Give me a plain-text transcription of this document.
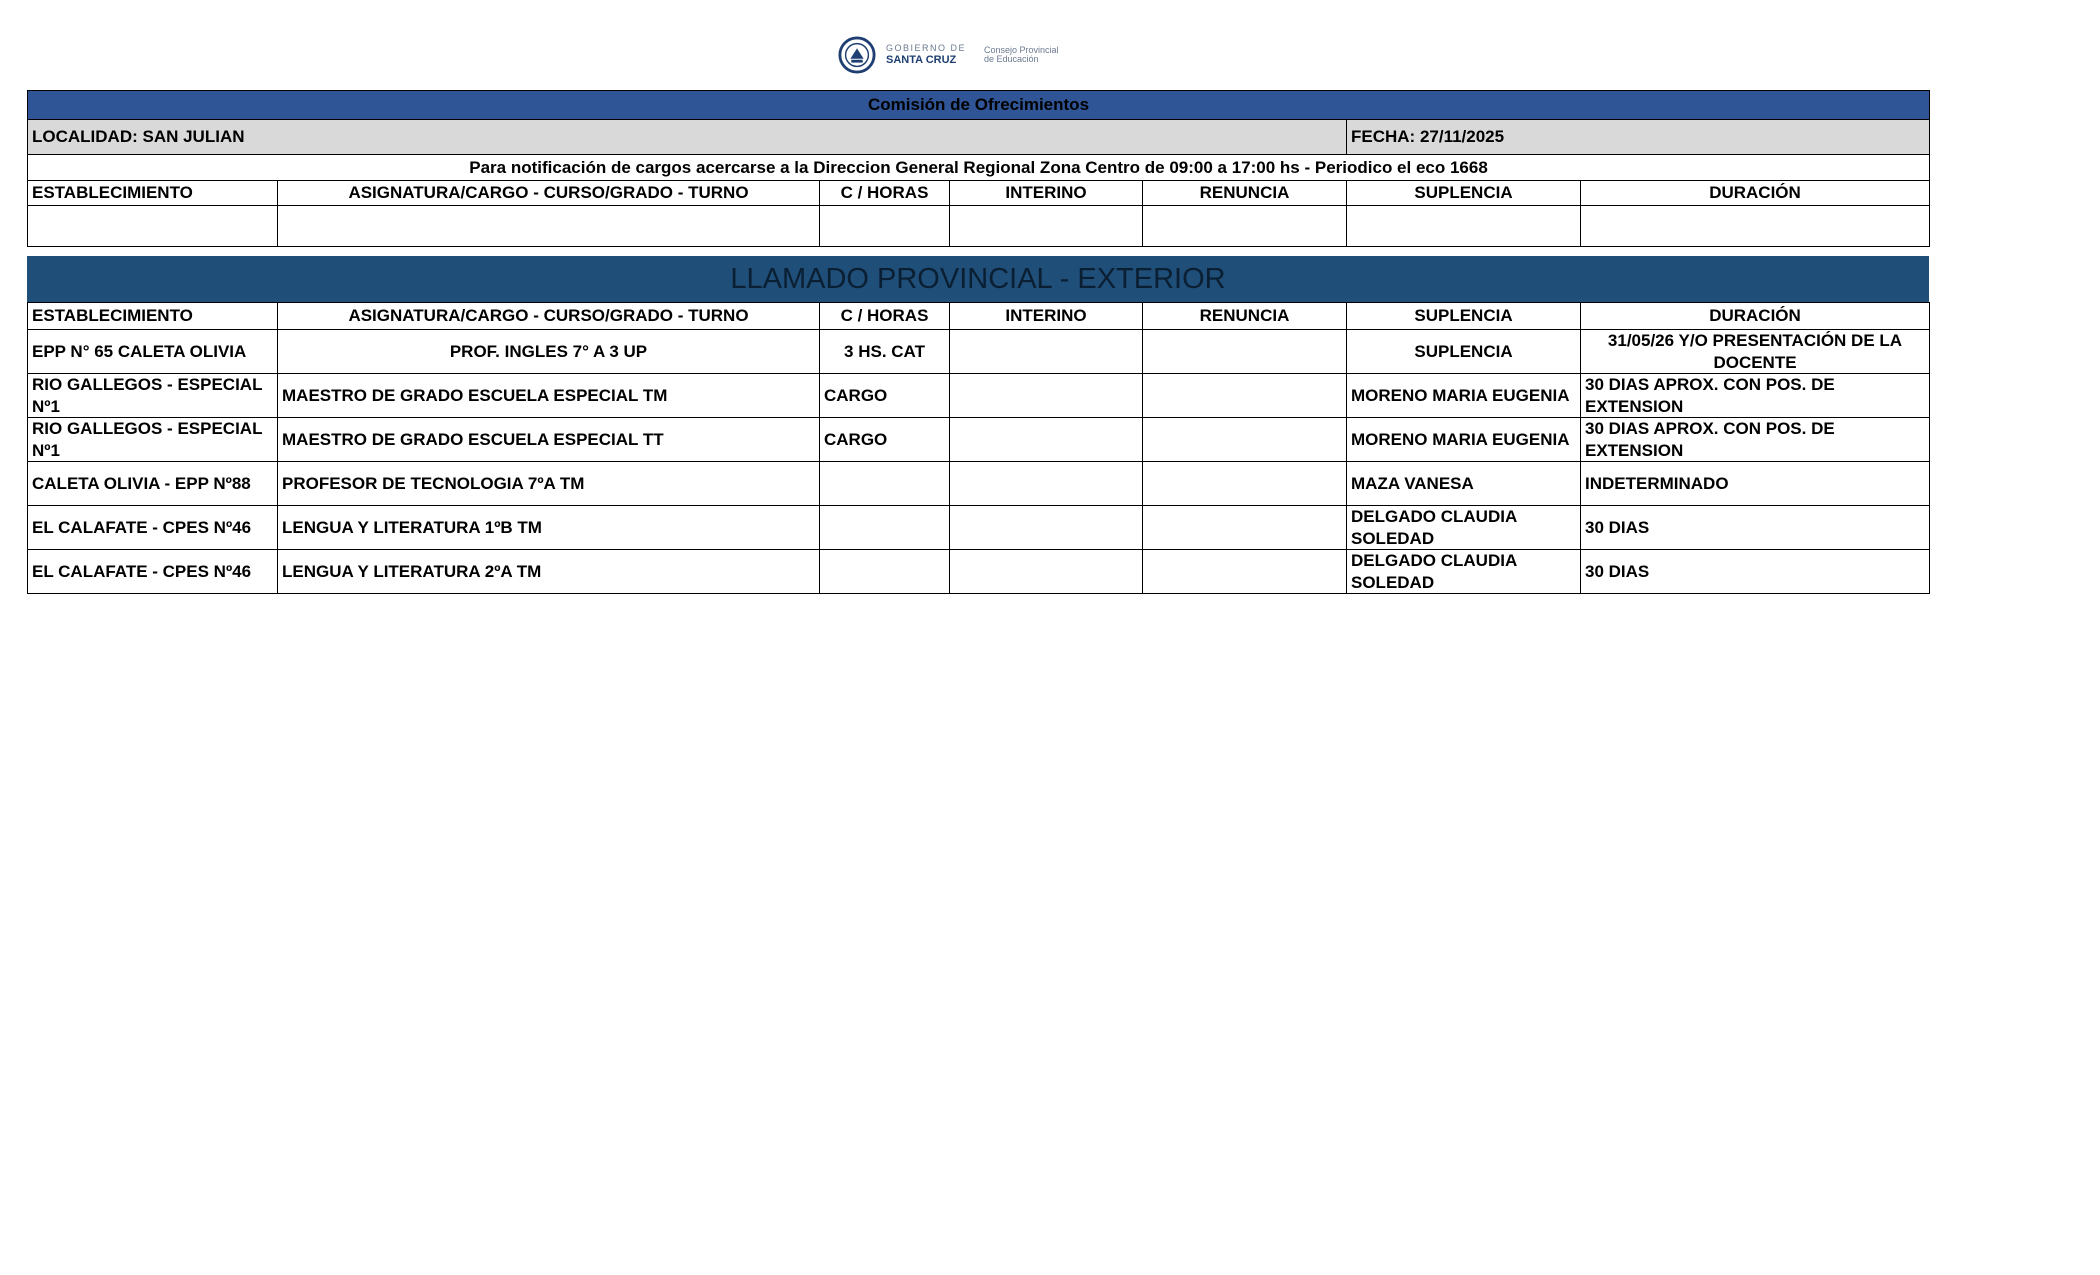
GOBIERNO DE
SANTA CRUZ
Consejo Provincial
de Educación
Comisión de Ofrecimientos						
LOCALIDAD: SAN JULIAN					FECHA: 27/11/2025	
Para notificación de cargos acercarse a la Direccion General Regional Zona Centro de 09:00 a 17:00 hs - Periodico el eco 1668						
ESTABLECIMIENTO	ASIGNATURA/CARGO - CURSO/GRADO - TURNO	C / HORAS	INTERINO	RENUNCIA	SUPLENCIA	DURACIÓN

LLAMADO PROVINCIAL - EXTERIOR
ESTABLECIMIENTO	ASIGNATURA/CARGO - CURSO/GRADO - TURNO	C / HORAS	INTERINO	RENUNCIA	SUPLENCIA	DURACIÓN
EPP N° 65 CALETA OLIVIA	PROF. INGLES 7° A 3 UP	3 HS. CAT			SUPLENCIA	31/05/26 Y/O PRESENTACIÓN DE LA DOCENTE
RIO GALLEGOS - ESPECIAL Nº1	MAESTRO DE GRADO ESCUELA ESPECIAL TM	CARGO			MORENO MARIA EUGENIA	30 DIAS APROX. CON POS. DE EXTENSION
RIO GALLEGOS - ESPECIAL Nº1	MAESTRO DE GRADO ESCUELA ESPECIAL TT	CARGO			MORENO MARIA EUGENIA	30 DIAS APROX. CON POS. DE EXTENSION
CALETA OLIVIA - EPP Nº88	PROFESOR DE TECNOLOGIA 7ºA TM				MAZA VANESA	INDETERMINADO
EL CALAFATE - CPES Nº46	LENGUA Y LITERATURA 1ºB TM				DELGADO CLAUDIA SOLEDAD	30 DIAS
EL CALAFATE - CPES Nº46	LENGUA Y LITERATURA 2ºA TM				DELGADO CLAUDIA SOLEDAD	30 DIAS
